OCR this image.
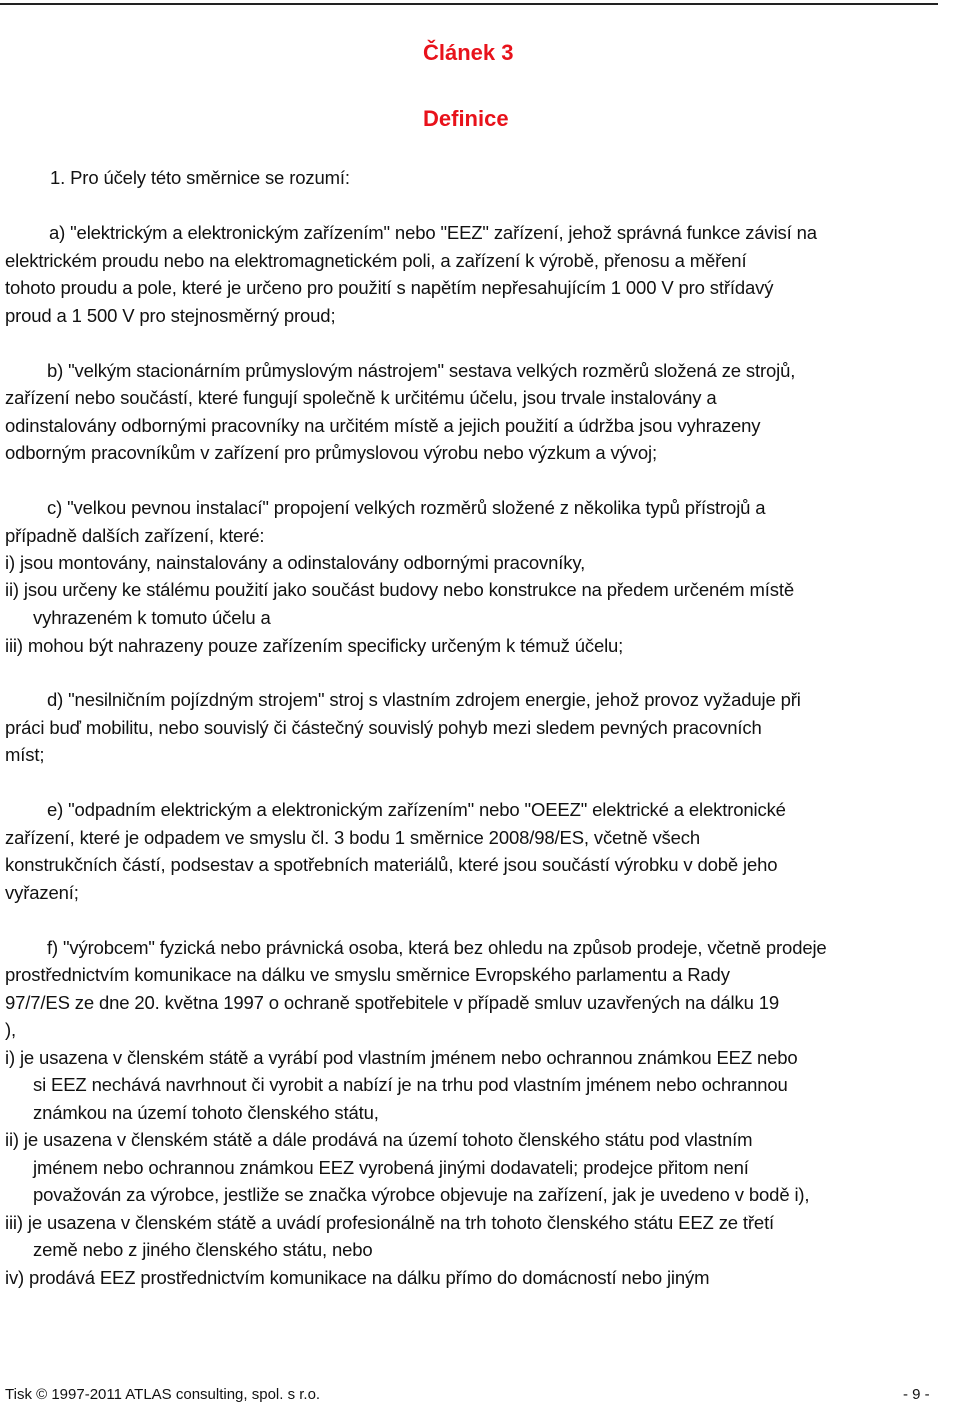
Článek 3
Definice
1. Pro účely této směrnice se rozumí:
a) "elektrickým a elektronickým zařízením" nebo "EEZ" zařízení, jehož správná funkce závisí na
elektrickém proudu nebo na elektromagnetickém poli, a zařízení k výrobě, přenosu a měření
tohoto proudu a pole, které je určeno pro použití s napětím nepřesahujícím 1 000 V pro střídavý
proud a 1 500 V pro stejnosměrný proud;
b) "velkým stacionárním průmyslovým nástrojem" sestava velkých rozměrů složená ze strojů,
zařízení nebo součástí, které fungují společně k určitému účelu, jsou trvale instalovány a
odinstalovány odbornými pracovníky na určitém místě a jejich použití a údržba jsou vyhrazeny
odborným pracovníkům v zařízení pro průmyslovou výrobu nebo výzkum a vývoj;
c) "velkou pevnou instalací" propojení velkých rozměrů složené z několika typů přístrojů a
případně dalších zařízení, které:
i) jsou montovány, nainstalovány a odinstalovány odbornými pracovníky,
ii) jsou určeny ke stálému použití jako součást budovy nebo konstrukce na předem určeném místě
vyhrazeném k tomuto účelu a
iii) mohou být nahrazeny pouze zařízením specificky určeným k témuž účelu;
d) "nesilničním pojízdným strojem" stroj s vlastním zdrojem energie, jehož provoz vyžaduje při
práci buď mobilitu, nebo souvislý či částečný souvislý pohyb mezi sledem pevných pracovních
míst;
e) "odpadním elektrickým a elektronickým zařízením" nebo "OEEZ" elektrické a elektronické
zařízení, které je odpadem ve smyslu čl. 3 bodu 1 směrnice 2008/98/ES, včetně všech
konstrukčních částí, podsestav a spotřebních materiálů, které jsou součástí výrobku v době jeho
vyřazení;
f) "výrobcem" fyzická nebo právnická osoba, která bez ohledu na způsob prodeje, včetně prodeje
prostřednictvím komunikace na dálku ve smyslu směrnice Evropského parlamentu a Rady
97/7/ES ze dne 20. května 1997 o ochraně spotřebitele v případě smluv uzavřených na dálku 19
),
i) je usazena v členském státě a vyrábí pod vlastním jménem nebo ochrannou známkou EEZ nebo
si EEZ nechává navrhnout či vyrobit a nabízí je na trhu pod vlastním jménem nebo ochrannou
známkou na území tohoto členského státu,
ii) je usazena v členském státě a dále prodává na území tohoto členského státu pod vlastním
jménem nebo ochrannou známkou EEZ vyrobená jinými dodavateli; prodejce přitom není
považován za výrobce, jestliže se značka výrobce objevuje na zařízení, jak je uvedeno v bodě i),
iii) je usazena v členském státě a uvádí profesionálně na trh tohoto členského státu EEZ ze třetí
země nebo z jiného členského státu, nebo
iv) prodává EEZ prostřednictvím komunikace na dálku přímo do domácností nebo jiným
Tisk © 1997-2011 ATLAS consulting, spol. s r.o.	- 9 -
